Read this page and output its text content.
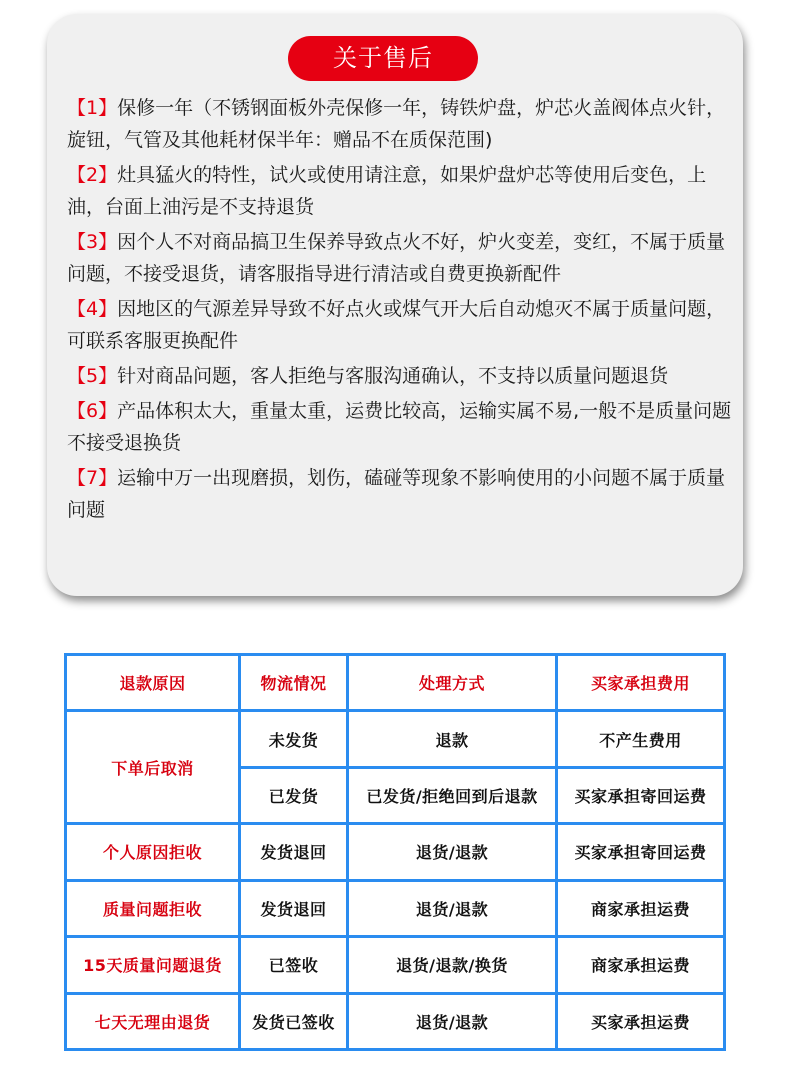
关于售后

【1】保修一年（不锈钢面板外壳保修一年，铸铁炉盘，炉芯火盖阀体点火针，旋钮，气管及其他耗材保半年：赠品不在质保范围)

【2】灶具猛火的特性，试火或使用请注意，如果炉盘炉芯等使用后变色，上油，台面上油污是不支持退货

【3】因个人不对商品搞卫生保养导致点火不好，炉火变差，变红，不属于质量问题，不接受退货，请客服指导进行清洁或自费更换新配件

【4】因地区的气源差异导致不好点火或煤气开大后自动熄灭不属于质量问题，可联系客服更换配件

【5】针对商品问题，客人拒绝与客服沟通确认，不支持以质量问题退货

【6】产品体积太大，重量太重，运费比较高，运输实属不易,一般不是质量问题不接受退换货

【7】运输中万一出现磨损，划伤，磕碰等现象不影响使用的小问题不属于质量问题

退款原因	物流情况	处理方式	买家承担费用
下单后取消	未发货	退款	不产生费用
	已发货	已发货/拒绝回到后退款	买家承担寄回运费
个人原因拒收	发货退回	退货/退款	买家承担寄回运费
质量问题拒收	发货退回	退货/退款	商家承担运费
15天质量问题退货	已签收	退货/退款/换货	商家承担运费
七天无理由退货	发货已签收	退货/退款	买家承担运费
